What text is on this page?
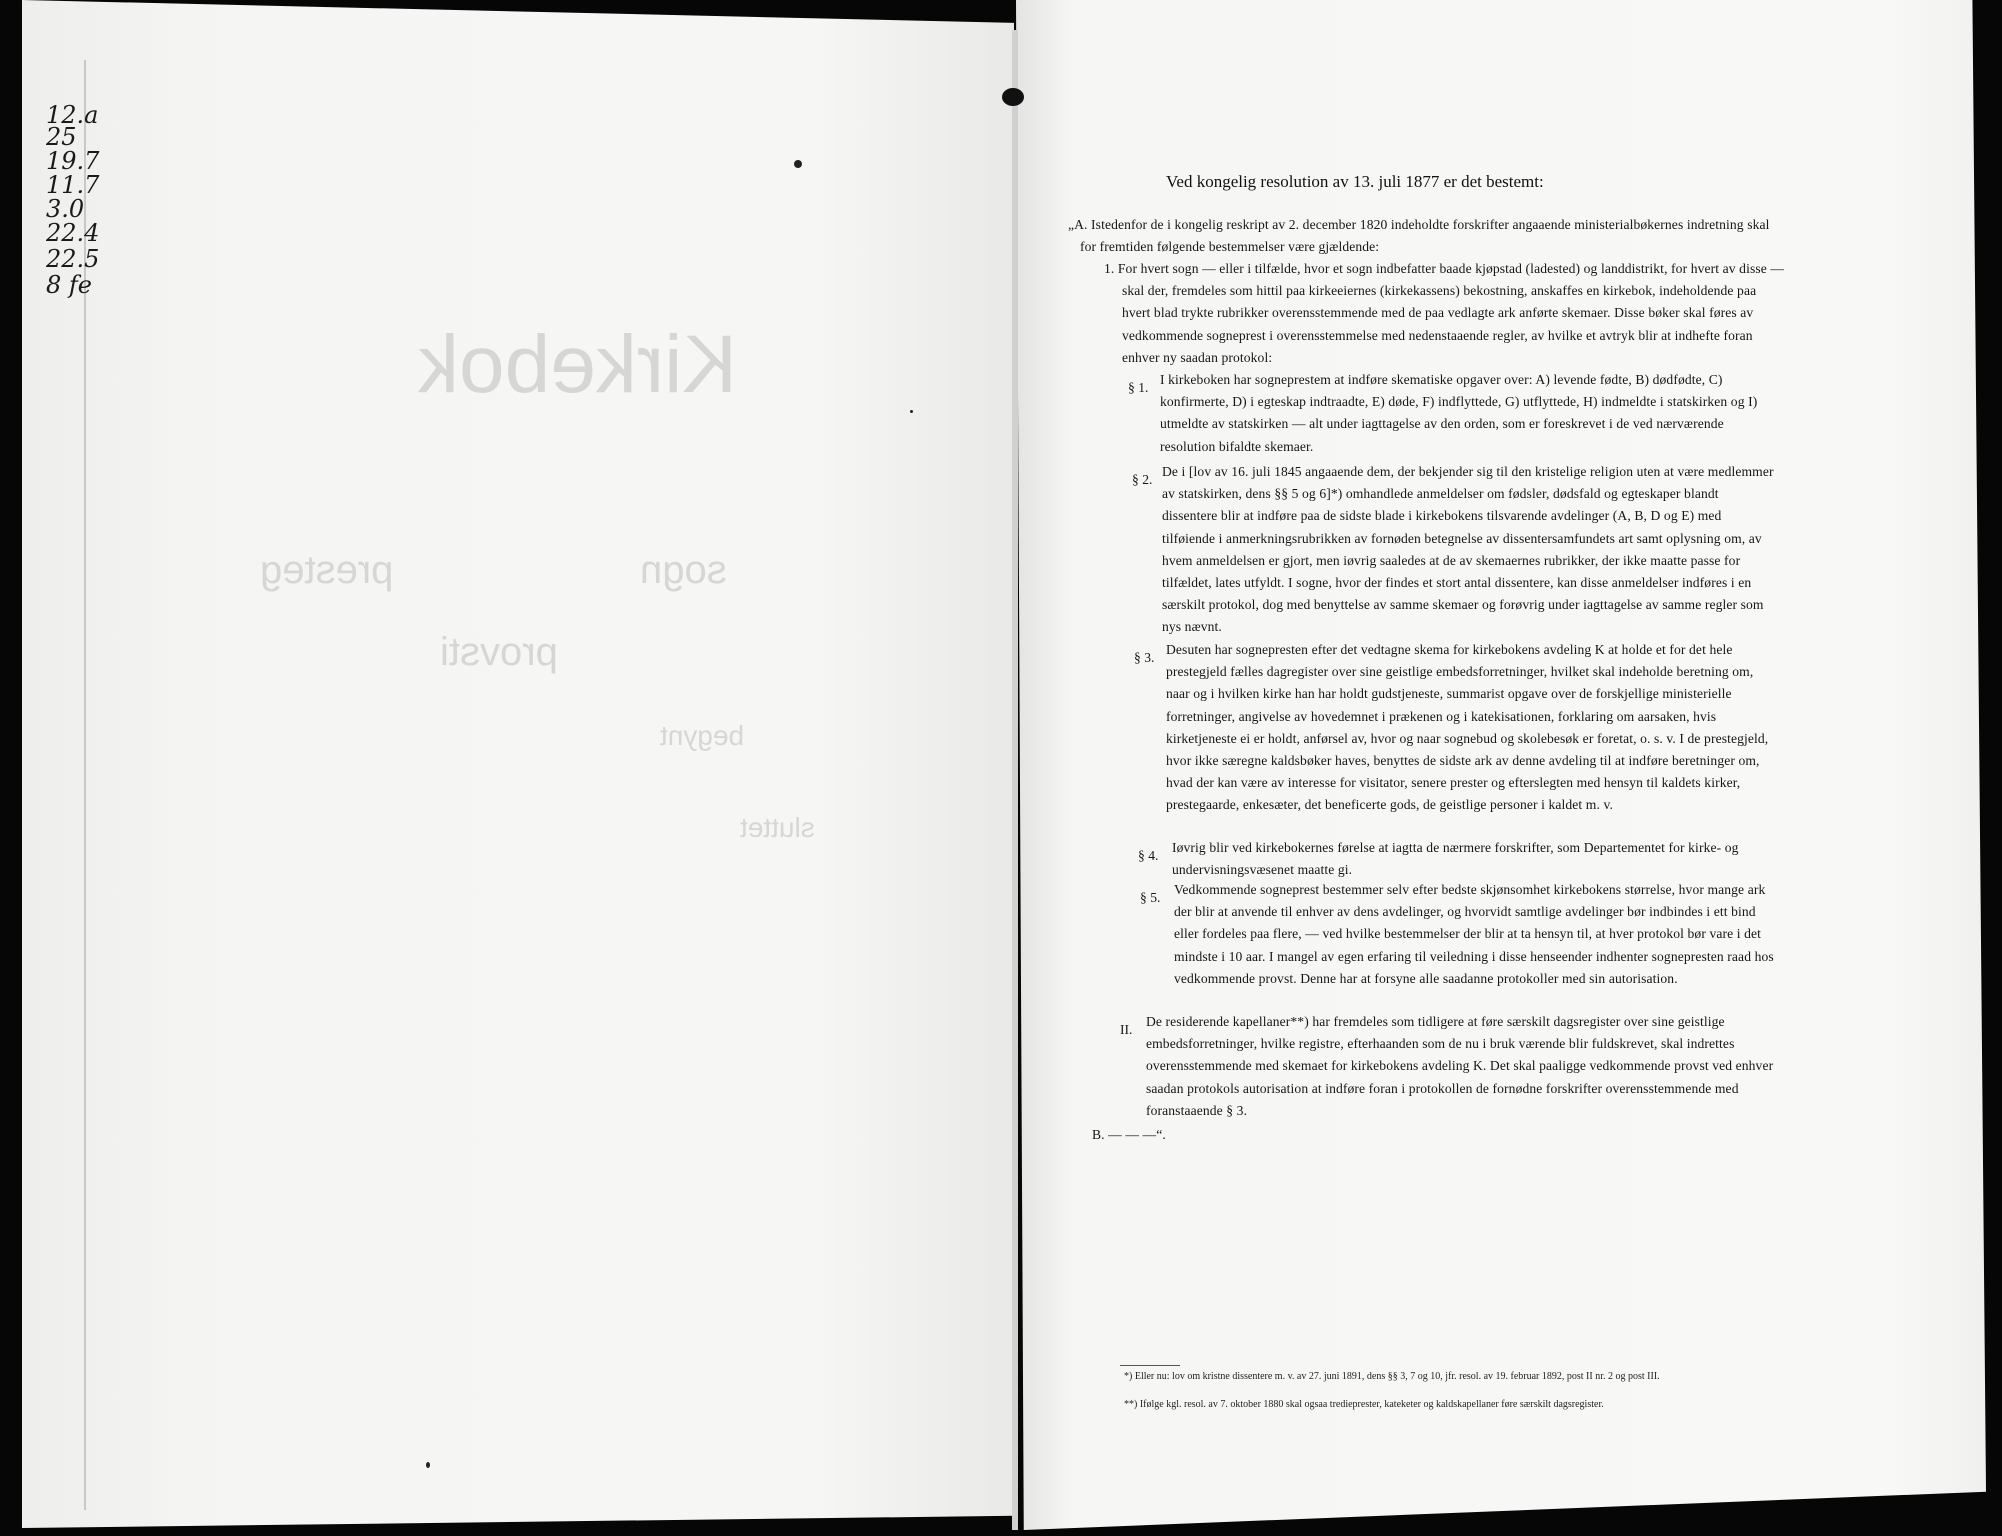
12.a
25
19.7
11.7
3.0
22.4
22.5
8 fe
Kirkebok
presteg	sogn
provsti
begynt
sluttet
Ved kongelig resolution av 13. juli 1877 er det bestemt:
„A. Istedenfor de i kongelig reskript av 2. december 1820 indeholdte forskrifter angaaende ministerialbøkernes indretning skal for fremtiden følgende bestemmelser være gjældende:
1. For hvert sogn — eller i tilfælde, hvor et sogn indbefatter baade kjøpstad (ladested) og landdistrikt, for hvert av disse — skal der, fremdeles som hittil paa kirkeeiernes (kirkekassens) bekostning, anskaffes en kirkebok, indeholdende paa hvert blad trykte rubrikker overensstemmende med de paa vedlagte ark anførte skemaer. Disse bøker skal føres av vedkommende sogneprest i overensstemmelse med nedenstaaende regler, av hvilke et avtryk blir at indhefte foran enhver ny saadan protokol:
§ 1.
I kirkeboken har sogneprestem at indføre skematiske opgaver over: A) levende fødte, B) dødfødte, C) konfirmerte, D) i egteskap indtraadte, E) døde, F) indflyttede, G) utflyttede, H) indmeldte i statskirken og I) utmeldte av statskirken — alt under iagttagelse av den orden, som er foreskrevet i de ved nærværende resolution bifaldte skemaer.
§ 2.
De i [lov av 16. juli 1845 angaaende dem, der bekjender sig til den kristelige religion uten at være medlemmer av statskirken, dens §§ 5 og 6]*) omhandlede anmeldelser om fødsler, dødsfald og egteskaper blandt dissentere blir at indføre paa de sidste blade i kirkebokens tilsvarende avdelinger (A, B, D og E) med tilføiende i anmerkningsrubrikken av fornøden betegnelse av dissentersamfundets art samt oplysning om, av hvem anmeldelsen er gjort, men iøvrig saaledes at de av skemaernes rubrikker, der ikke maatte passe for tilfældet, lates utfyldt. I sogne, hvor der findes et stort antal dissentere, kan disse anmeldelser indføres i en særskilt protokol, dog med benyttelse av samme skemaer og forøvrig under iagttagelse av samme regler som nys nævnt.
§ 3.
Desuten har sognepresten efter det vedtagne skema for kirkebokens avdeling K at holde et for det hele prestegjeld fælles dagregister over sine geistlige embedsforretninger, hvilket skal indeholde beretning om, naar og i hvilken kirke han har holdt gudstjeneste, summarist opgave over de forskjellige ministerielle forretninger, angivelse av hovedemnet i prækenen og i katekisationen, forklaring om aarsaken, hvis kirketjeneste ei er holdt, anførsel av, hvor og naar sognebud og skolebesøk er foretat, o. s. v. I de prestegjeld, hvor ikke særegne kaldsbøker haves, benyttes de sidste ark av denne avdeling til at indføre beretninger om, hvad der kan være av interesse for visitator, senere prester og efterslegten med hensyn til kaldets kirker, prestegaarde, enkesæter, det beneficerte gods, de geistlige personer i kaldet m. v.
§ 4.
Iøvrig blir ved kirkebokernes førelse at iagtta de nærmere forskrifter, som Departementet for kirke- og undervisningsvæsenet maatte gi.
§ 5.
Vedkommende sogneprest bestemmer selv efter bedste skjønsomhet kirkebokens størrelse, hvor mange ark der blir at anvende til enhver av dens avdelinger, og hvorvidt samtlige avdelinger bør indbindes i ett bind eller fordeles paa flere, — ved hvilke bestemmelser der blir at ta hensyn til, at hver protokol bør vare i det mindste i 10 aar. I mangel av egen erfaring til veiledning i disse henseender indhenter sognepresten raad hos vedkommende provst. Denne har at forsyne alle saadanne protokoller med sin autorisation.
II.
De residerende kapellaner**) har fremdeles som tidligere at føre særskilt dagsregister over sine geistlige embedsforretninger, hvilke registre, efterhaanden som de nu i bruk værende blir fuldskrevet, skal indrettes overensstemmende med skemaet for kirkebokens avdeling K. Det skal paaligge vedkommende provst ved enhver saadan protokols autorisation at indføre foran i protokollen de fornødne forskrifter overensstemmende med foranstaaende § 3.
B. — — —“.
*) Eller nu: lov om kristne dissentere m. v. av 27. juni 1891, dens §§ 3, 7 og 10, jfr. resol. av 19. februar 1892, post II nr. 2 og post III.
**) Ifølge kgl. resol. av 7. oktober 1880 skal ogsaa tredieprester, kateketer og kaldskapellaner føre særskilt dagsregister.
